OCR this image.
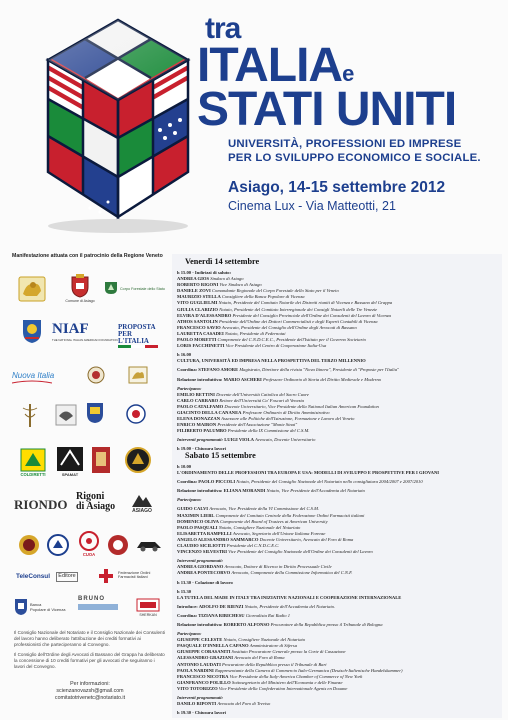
tra
ITALIAe
STATI UNITI
UNIVERSITÀ, PROFESSIONI ED IMPRESE
PER LO SVILUPPO ECONOMICO E SOCIALE.
Asiago, 14-15 settembre 2012
Cinema Lux - Via Matteotti, 21
Manifestazione attuata con il patrocinio della Regione Veneto
Comune di Asiago
Corpo Forestale dello Stato
NIAF
THE NATIONAL ITALIAN AMERICAN FOUNDATION
PROPOSTA PER L'ITALIA
Nuova Italia
COLDIRETTI	SPAMAT
RIONDO
Rigoni
di Asiago	ASIAGO
CUOA
TeleConsul	Editore	Federazione Ordini Farmacisti Italiani
Banca
Popolare di Vicenza
BRUNO
SHERKAN
Il Consiglio Nazionale del Notariato e il Consiglio Nazionale dei Consulenti del lavoro hanno deliberato l'attribuzione dei crediti formativi ai professionisti che parteciperanno al Convegno.
Il Consiglio dell'Ordine degli Avvocati di Bassano del Grappa ha deliberato la concessione di 10 crediti formativi per gli avvocati che seguiranno i lavori del Convegno.
Per informazioni:
scienzanovazsh@gmail.com
comitatotrivenetc@notariato.it
Venerdì 14 settembre
h 15.00 - Indirizzi di saluto:
ANDREA GIOS Sindaco di Asiago
ROBERTO RIGONI Vice Sindaco di Asiago
DANIELE ZOVI Comandante Regionale del Corpo Forestale dello Stato per il Veneto
MAURIZIO STELLA Consigliere della Banca Popolare di Vicenza
VITO GUGLIELMI Notaio, Presidente del Comitato Notarile dei Distretti riuniti di Vicenza e Bassano del Grappa
GIULIA CLARIZIO Notaio, Presidente del Comitato Interregionale dei Consigli Notarili delle Tre Venezie
ELVIRA D'ALESSANDRO Presidente del Consiglio Provinciale dell'Ordine dei Consulenti del Lavoro di Vicenza
ATHOS SANTOLIN Presidente dell'Ordine dei Dottori Commercialisti e degli Esperti Contabili di Vicenza
FRANCESCO SAVIO Avvocato, Presidente del Consiglio dell'Ordine degli Avvocati di Bassano
LAURETTA CASADEI Notaio, Presidente di Federnotai
PAOLO MORETTI Componente del C.N.D.C.E.C., Presidente dell'Istituto per il Governo Societario
LORIS FACCHINETTI Vice Presidente del Centro di Cooperazione Italia-Usa
h 16.00
CULTURA, UNIVERSITÀ ED IMPRESA NELLA PROSPETTIVA DEL TERZO MILLENNIO
Coordina: STEFANO AMORE Magistrato, Direttore della rivista "Nova Itinera", Presidente di "Proposte per l'Italia"
Relazione introduttiva: MARIO ASCHERI Professore Ordinario di Storia del Diritto Medievale e Moderno
Partecipano:
EMILIO BETTINI Docente dell'Università Cattolica del Sacro Cuore
CARLO CARRARO Rettore dell'Università Ca' Foscari di Venezia
PAOLO CATALFAMO Docente Universitario, Vice Presidente della National Italian American Foundation
GIACINTO DELLA CANANEA Professore Ordinario di Diritto Amministrativo
ELENA DONAZZAN Assessore alle Politiche dell'Istruzione, Formazione e Lavoro del Veneto
ENRICO MAIRON Presidente dell'Associazione "Monte Sinai"
FILIBERTO PALUMBO Presidente della IX Commissione del C.S.M.
Interventi programmati: LUIGI VIOLA Avvocato, Docente Universitario
h 19.00 - Chiusura lavori
Sabato 15 settembre
h 10.00
L'ORDINAMENTO DELLE PROFESSIONI TRA EUROPA E USA: MODELLI DI SVILUPPO E PROSPETTIVE PER I GIOVANI
Coordina: PAOLO PICCOLI Notaio, Presidente del Consiglio Nazionale del Notariato nello consigliatura 2004/2007 e 2007/2010
Relazione introduttiva: ELIANA MORANDI Notaio, Vice Presidente dell'Accademia del Notariato
Partecipano:
GUIDO CALVI Avvocato, Vice Presidente della VI Commissione del C.S.M.
MAXIMIN LIEBL Componente del Comitato Centrale della Federazione Ordini Farmacisti italiani
DOMENICO OLIVA Componente del Board of Trustees at American University
PAOLO PASQUALI Notaio, Consigliere Nazionale del Notariato
ELISABETTA RAMPELLI Avvocato, Segretario dell'Unione Italiana Forense
ANGELO ALESSANDRO SAMMARCO Docente Universitario, Avvocato del Foro di Roma
CLAUDIO SICILIOTTI Presidente del C.N.D.C.E.C.
VINCENZO SILVESTRI Vice Presidente del Consiglio Nazionale dell'Ordine dei Consulenti del Lavoro
Interventi programmati:
ANDREA GIORDANO Avvocato, Dottore di Ricerca in Diritto Processuale Civile
ANDREA PONTECORVO Avvocato, Componente della Commissione Informatica del C.N.F.
h 13.30 - Colazione di lavoro
h 15.30
LA TUTELA DEL MADE IN ITALY TRA INIZIATIVE NAZIONALI E COOPERAZIONE INTERNAZIONALE
Introduce: ADOLFO DE RIENZI Notaio, Presidente dell'Accademia del Notariato.
Coordina: TIZIANA RIBICHESU Giornalista Rai Radio 1
Relazione introduttiva: ROBERTO ALFONSO Procuratore della Repubblica presso il Tribunale di Bologna
Partecipano:
GIUSEPPE CELESTE Notaio, Consigliere Nazionale del Notariato
PASQUALE D'INNELLA CAPANO Amministratore di Sifersa
GIUSEPPE CORASANITI Sostituto Procuratore Generale presso la Corte di Cassazione
ALESSANDRO GRAZIANI Avvocato del Foro di Roma
ANTONIO LAUDATI Procuratore della Repubblica presso il Tribunale di Bari
PAOLA NARDINI Rappresentante della Camera di Commercio Italo-Germanica (Deutsch-Italienische Handelskammer)
FRANCESCO NICOTRA Vice Presidente della Italy-America Chamber of Commerce of New York
GIANFRANCO POLILLO Sottosegretario del Ministero dell'Economia e delle Finanze
VITO TOTORIZZO Vice Presidente della Confederation Internationale Agents en Douane
Interventi programmati:
DANILO RIPONTI Avvocato del Foro di Treviso
h 19.30 - Chiusura lavori
